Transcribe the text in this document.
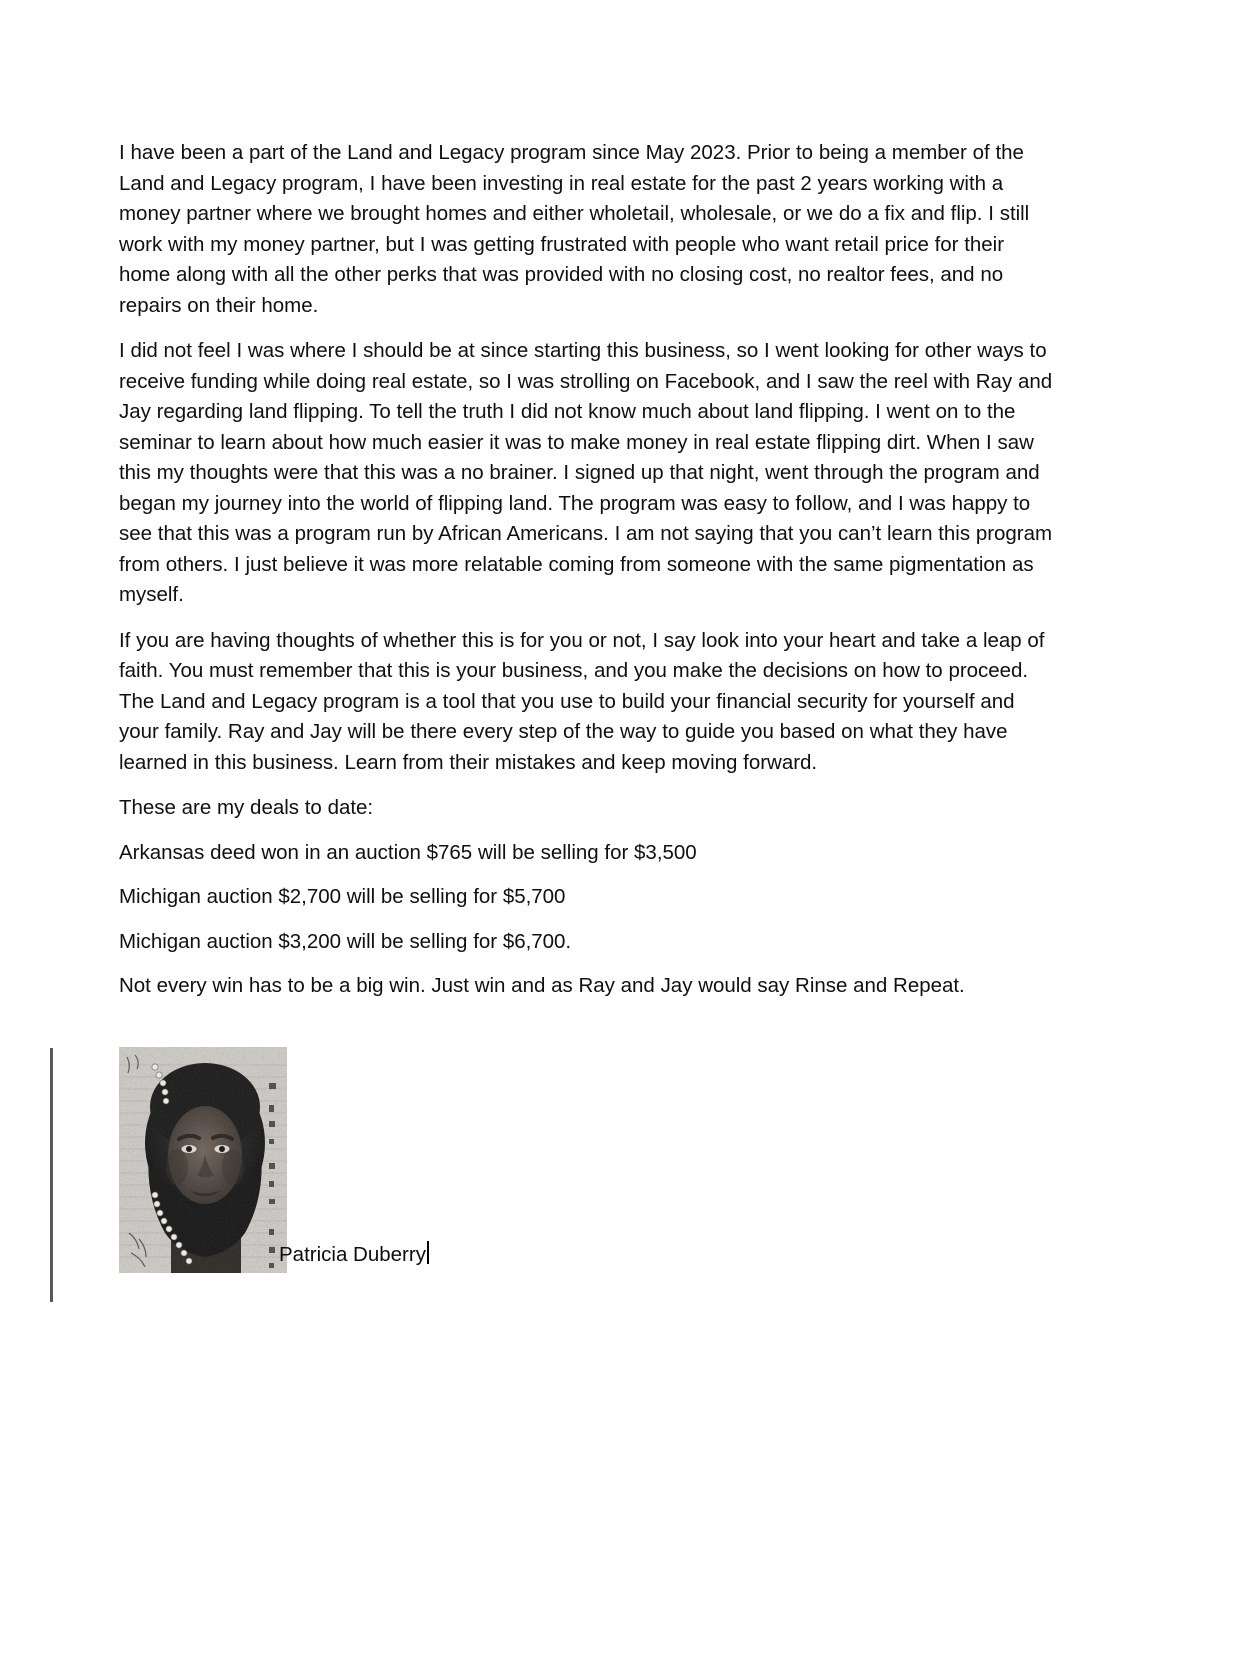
I have been a part of the Land and Legacy program since May 2023. Prior to being a member of the Land and Legacy program, I have been investing in real estate for the past 2 years working with a money partner where we brought homes and either wholetail, wholesale, or we do a fix and flip. I still work with my money partner, but I was getting frustrated with people who want retail price for their home along with all the other perks that was provided with no closing cost, no realtor fees, and no repairs on their home.

I did not feel I was where I should be at since starting this business, so I went looking for other ways to receive funding while doing real estate, so I was strolling on Facebook, and I saw the reel with Ray and Jay regarding land flipping. To tell the truth I did not know much about land flipping. I went on to the seminar to learn about how much easier it was to make money in real estate flipping dirt. When I saw this my thoughts were that this was a no brainer. I signed up that night, went through the program and began my journey into the world of flipping land. The program was easy to follow, and I was happy to see that this was a program run by African Americans. I am not saying that you can’t learn this program from others. I just believe it was more relatable coming from someone with the same pigmentation as myself.

If you are having thoughts of whether this is for you or not, I say look into your heart and take a leap of faith. You must remember that this is your business, and you make the decisions on how to proceed. The Land and Legacy program is a tool that you use to build your financial security for yourself and your family. Ray and Jay will be there every step of the way to guide you based on what they have learned in this business. Learn from their mistakes and keep moving forward.

These are my deals to date:

Arkansas deed won in an auction $765 will be selling for $3,500

Michigan auction $2,700 will be selling for $5,700

Michigan auction $3,200 will be selling for $6,700.

Not every win has to be a big win. Just win and as Ray and Jay would say Rinse and Repeat.

Patricia Duberry
